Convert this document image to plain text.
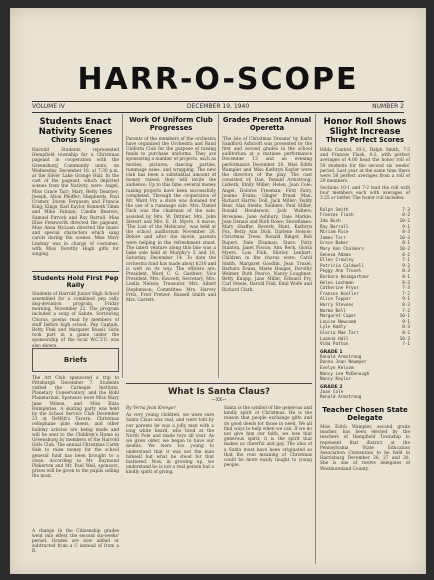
HARR-O-SCOPE
VOLUME IV	DECEMBER 19, 1940	NUMBER 2
Students Enact Nativity Scenes
Chorus Sings
Harrold Students represented Hempfield township for a Christmas pageant in cooperation with the Greensburg Community units, on Wednesday, December 18, at 7:30 p.m. at the Silver Lake Grange Hall. In the cast of the pageant, which depicted scenes from the Nativity, were: Angel, Miss Grace Tarr; Mary, Betty Dearner; Joseph, Alton Pfeiffer; Shepherds, Paul Cramer, Doren Ferguson and Francis King; Kings, Karl Kaylor, Kenneth Timm and Mike Fabiani; Candle Bearers, Samuel Pirrock and Ray Barrall. Miss Elise Fensworth directed the pageant, Miss Anna McLean directed the music and special characters which sang carols during the scenes. Miss Mary Lindsay was in charge of costumes, with Miss Dorothy Hugh gifts for singing.
Students Hold First Pep Rally
Students of Harrold Junior High School assembled for a combined pep rally dog-deviation program, Friday morning, November 22. The program included a song of Salute, Sorrowing Chorus, poems read by members of staff before high school. Pep Captain, Betty Fink and Margaret Rosell. Girls took part in a game under the sponsorship of the local W.C.T.U. was also shown.
Briefs
The Art Club sponsored a trip to Pittsburgh December 7. Students visited the Carnegie Institute, Planetary Conservatory, and the Buhl Planetarium. Sponsors were Miss Mary Jane Wilson, and Miss Eliza Humphries. A skating party was held by the School Service Club December 23 at DeWitt's Tavern. Christmas cellophane pine sheets, and other holiday articles are being made and will be sent to the Children's Home in Greensburg by members of the Harrold Girls Club. The annual Christmas Cards Sale to raise money for the school general fund has been brought to a close. According to Mr. Raymond Pinkerton and Mr. Paul Weil, sponsors, prizes will be given to the pupils selling the most.
A change in the Citizenship grades went into effect the second six-weeks' period. Grades are now added or subtracted from a C instead of from a B.
Work Of Uniform Club Progresses
Parents of the members of the orchestra have organized the Orchestra and Band Uniform Club for the purpose of raising funds to purchase uniforms. They are sponsoring a number of projects, such as movies, pictures, dancing parties, rummage sales, and wrapping. The new club has been a substantial amount of money raised; they will invite the audience. Up to this time, several money raising projects have been successfully completed. Through the cooperation of Mr. Ward Fry a store was donated for the use of a rummage sale. Mrs. Daniel Fach was the chairman of the sale, assisted by Mrs. W. Dittmer, Mrs. John Sievert and Mrs. E. H. Myers. A movie, 'The Last of the Mohicans', was held at the school auditorium November 26. Before and after the movie, parents were helping in the refreshment stand. The latest venture along this line was a bake sale held at Murphy's 5 and 10, Saturday, December 14. To date the orchestra fund has made about $210 and is well on its way. The officers are: President, Ward C. G. Gardner; Vice President, Mrs. Fawcett; Secretary, Mrs. Luella Nelson; Treasurer, Mrs. Albert Stephenson; Committee: Mrs. Harvey Fritz, Fred Pretzer, Russell Smith and Mrs. Garrett.
Grades Present Annual Operetta
'The Isle of Christmas Dreams' by Karle Sandford Ashcroft was presented by the first and second grades in the school auditorium at a matinee performance December 13 and an evening performance December 20. Miss Edith Wampler and Miss Kathryn Kaylor were the directors of the play. The cast consisted of: Dan, Donald Armstrong; Lisbeth, Emily Miller; Helen, Joan Cole; Angel, Dolores Freeman; First Fairy, Joanne Evans; Ginger Bread Man, Richard Harris; Doll, Jack Miller; Teddy Bear, Alan Steele; Soldiers: Paul Stiller, Ronald Henderson, Jack Walters; Brownies: Jane Ashbury, Dale Markle, Joan Dennis and Ruth Rowe; Snowflakes: Mary Shaffer, Beverly Hunt, Kathryn Fox, Betty Ann Dick, Darlene Nelson; Christmas Trees: Ronald Ringer, Bob Rupert, Dale Eisaman; Stars: Patty Stanton, Janet Fiscus, Ann Beck, Gloria Myers, Lois Fink, Shirley Lenhart. Children in the chorus were: Carol Smith, Margaret Goodlin, Jean Truxel, Barbara Evans, Marie Hauger, Dorothy Weimer, Ruth Pearce, Nancy Loughner, Betty Knupp, Jane Miller, Edward Fry, Carl Steele, Harold Fink, Emil Wolfe and Richard Clark.
Honor Roll Shows Slight Increase
Three Perfect Scores
Hilda Cantrel, 10-1, Ralph Smith, 7-3 and Frances Flash, 8-2, with perfect averages of 4.00 head the honor roll of 59 students for the second six weeks' period. Last year at the same time there were 56 perfect averages from a roll of 29 members.
Sections 10-1 and 7-2 lead the roll with four members each with averages of 3.25 or better. The honor roll includes:
Ralph Smith	7-3
Frances Flash	8-2
Ida Bush	10-2
Ray Barrall	9-1
Miriam Rice	8-3
James Tarr	10-3
Grace Baker	8-1
Mary Ann Chalmers	10-2
Geneva Adams	8-2
Ellen Crowley	7-1
Patricia Caldwell	9-2
Peggy Ann Truxel	8-3
Barbara Heimgartner	8-1
Helen Lechman	8-3
Catherine Pryor	7-3
Frances Koeller	7-2
Alice Topper	9-1
Harry Stevens	8-3
Norma Bell	7-2
Margaret Caper	10-1
Louise Newcomb	9-1
Lyle Hadly	8-3
Gloria Mae Tarr	8-2
Luanna Hall	10-3
Vida Patton	7-1
GRADE 1
Ronald Armstrong
Donna Jean Newmyer
Evelyn Kelsom
Nancy Lee McDonough
Nancy Kaylor
GRADE 2
Joan Cole
Ronald Armstrong
Teacher Chosen State Delegate
Miss Edith Wampler, second grade teacher, has been elected by the teachers of Hempfield Township to represent that district at the Pennsylvania State Education Association Convention to be held in Harrisburg December 26, 27 and 28. She is one of twelve delegates of Westmoreland County.
What Is Santa Claus?
—XX—
By Verna Jean Kreeger
As very young children, we were sure Santa Claus was real, and were told by our parents he was a jolly man with a long white beard, who lived at the North Pole and made toys all year. As we grew older, we began to have our doubts. We were too young to understand that it was not the man himself but what he stood for that mattered. Now, in growing up, we understand he is not a real person but a kindly spirit of giving.
Santa is the symbol of the generous and kindly spirit of Christmas. He is the reason that people exchange gifts and do good deeds for those in need. We all find ways to help when we can. If we do not give him our faith, we lose that generous spirit; it is the spirit that makes us cheerful and gay. The idea of a Santa must have been originated so that the real meaning of Christmas could be more easily taught to young people.
